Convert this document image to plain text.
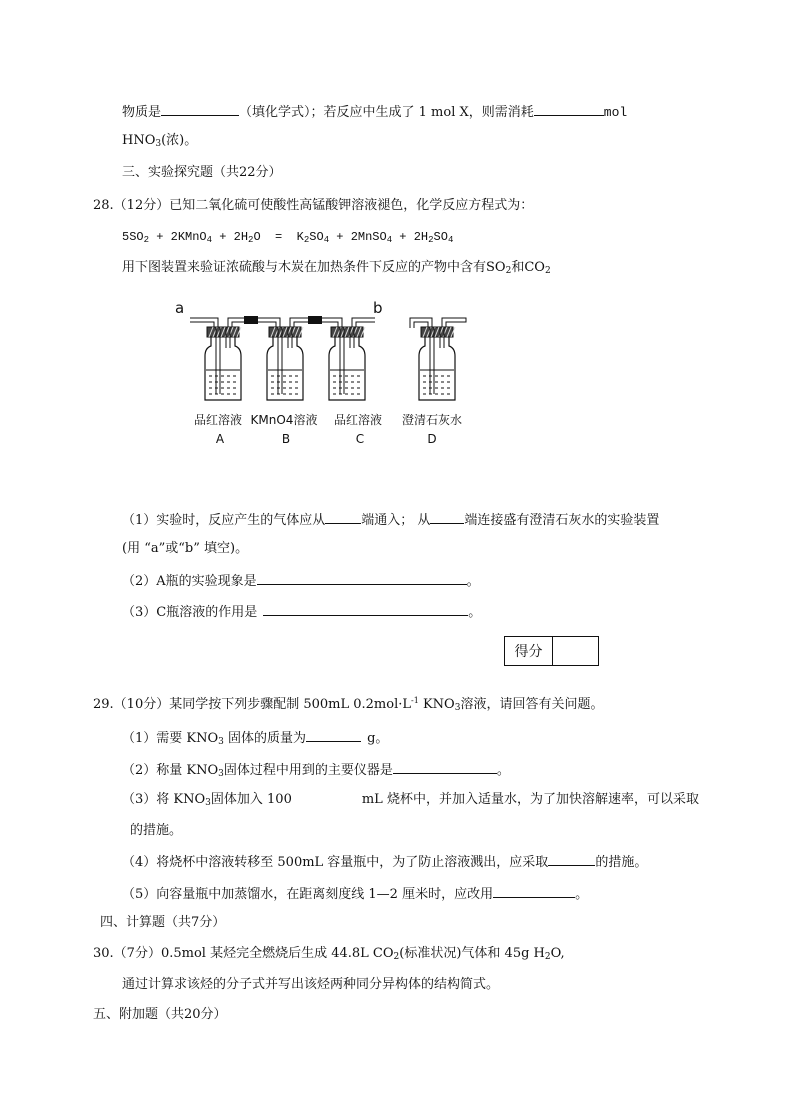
物质是	（填化学式）；若反应中生成了 1 mol X，则需消耗	mol
$HNO_3$(浓)。
三、实验探究题（共22分）
28.（12分）已知二氧化硫可使酸性高锰酸钾溶液褪色，化学反应方程式为：
$5SO_2$ + 2KMnO$_4$ + $2H_2O = K_2SO_4$ + 2MnSO$_4$ + $2H_2SO_4$
用下图装置来验证浓硫酸与木炭在加热条件下反应的产物中含有$SO_2$和$CO_2$
a	b
品红溶液
A
KMnO4溶液
B
品红溶液
C
澄清石灰水
D
（1）实验时，反应产生的气体应从	端通入； 从	端连接盛有澄清石灰水的实验装置
(用 “a”或“b” 填空)。
（2）A瓶的实验现象是	。
（3）C瓶溶液的作用是	。
得分
29.（10分）某同学按下列步骤配制 500mL $0.2mol\cdot L^{-1}$ $KNO_3$溶液，请回答有关问题。
（1）需要 $KNO_3$ 固体的质量为	g。
（2）称量 $KNO_3$固体过程中用到的主要仪器是	。
（3）将 $KNO_3$固体加入 100	mL 烧杯中，并加入适量水，为了加快溶解速率，可以采取
的措施。
（4）将烧杯中溶液转移至 500mL 容量瓶中，为了防止溶液溅出，应采取	的措施。
（5）向容量瓶中加蒸馏水，在距离刻度线 1—2 厘米时，应改用	。
四、计算题（共7分）
30.（7分）0.5mol 某烃完全燃烧后生成 44.8L $CO_2$(标准状况)气体和 45g $H_2O$,
通过计算求该烃的分子式并写出该烃两种同分异构体的结构简式。
五、附加题（共20分）
